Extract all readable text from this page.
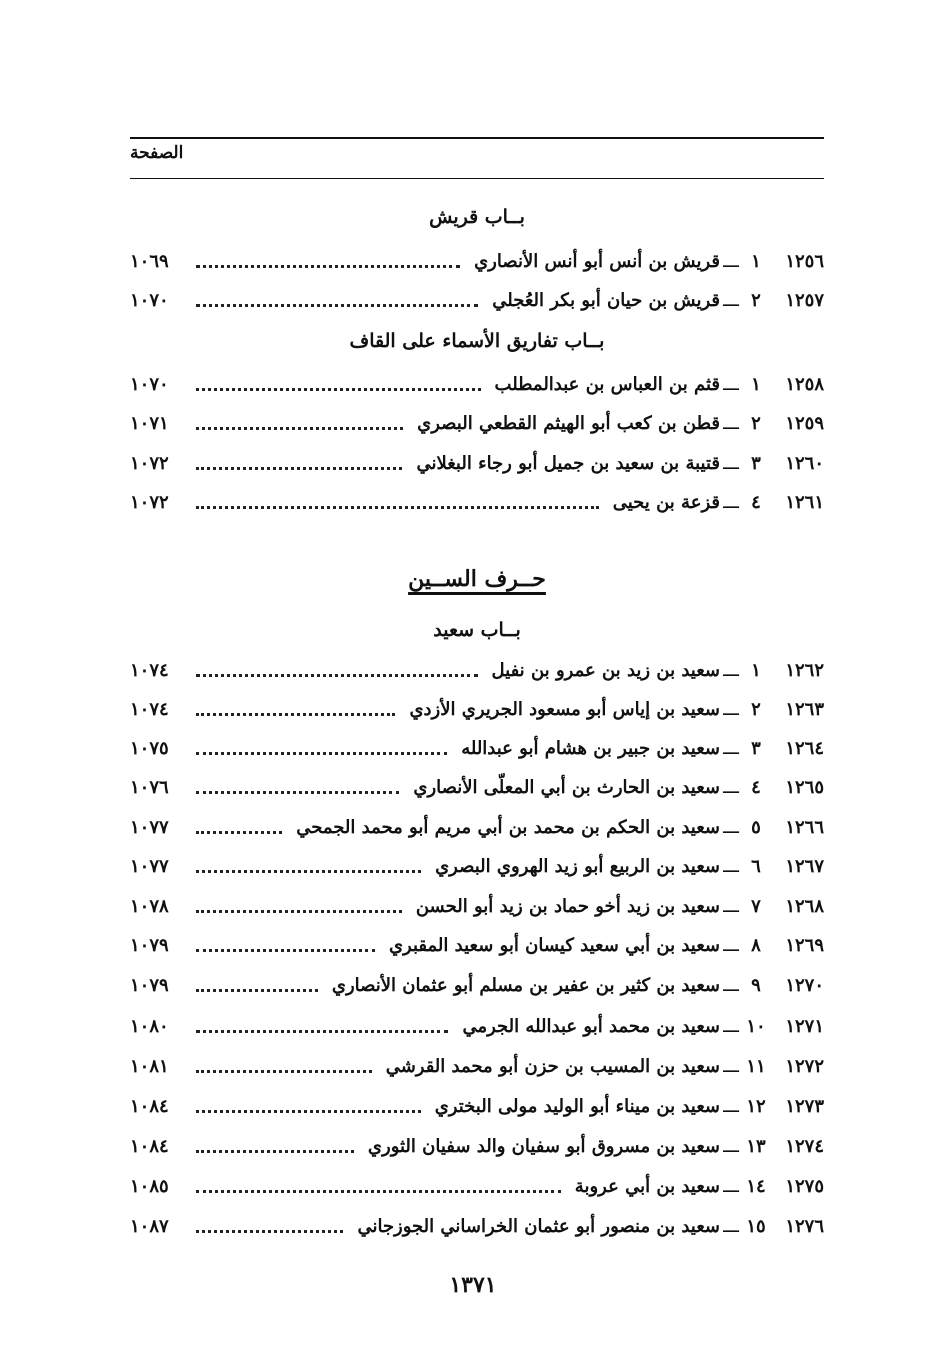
الصفحة
بــاب قريش
١٢٥٦
١
ـــ
قريش بن أنس أبو أنس الأنصاري
١٠٦٩
١٢٥٧
٢
ـــ
قريش بن حيان أبو بكر العُجلي
١٠٧٠
بــاب تفاريق الأسماء على القاف
١٢٥٨
١
ـــ
قثم بن العباس بن عبدالمطلب
١٠٧٠
١٢٥٩
٢
ـــ
قطن بن كعب أبو الهيثم القطعي البصري
١٠٧١
١٢٦٠
٣
ـــ
قتيبة بن سعيد بن جميل أبو رجاء البغلاني
١٠٧٢
١٢٦١
٤
ـــ
قزعة بن يحيى
١٠٧٢
حــرف الســين
بــاب سعيد
١٢٦٢
١
ـــ
سعيد بن زيد بن عمرو بن نفيل
١٠٧٤
١٢٦٣
٢
ـــ
سعيد بن إياس أبو مسعود الجريري الأزدي
١٠٧٤
١٢٦٤
٣
ـــ
سعيد بن جبير بن هشام أبو عبدالله
١٠٧٥
١٢٦٥
٤
ـــ
سعيد بن الحارث بن أبي المعلّى الأنصاري
١٠٧٦
١٢٦٦
٥
ـــ
سعيد بن الحكم بن محمد بن أبي مريم أبو محمد الجمحي
١٠٧٧
١٢٦٧
٦
ـــ
سعيد بن الربيع أبو زيد الهروي البصري
١٠٧٧
١٢٦٨
٧
ـــ
سعيد بن زيد أخو حماد بن زيد أبو الحسن
١٠٧٨
١٢٦٩
٨
ـــ
سعيد بن أبي سعيد كيسان أبو سعيد المقبري
١٠٧٩
١٢٧٠
٩
ـــ
سعيد بن كثير بن عفير بن مسلم أبو عثمان الأنصاري
١٠٧٩
١٢٧١
١٠
ـــ
سعيد بن محمد أبو عبدالله الجرمي
١٠٨٠
١٢٧٢
١١
ـــ
سعيد بن المسيب بن حزن أبو محمد القرشي
١٠٨١
١٢٧٣
١٢
ـــ
سعيد بن ميناء أبو الوليد مولى البختري
١٠٨٤
١٢٧٤
١٣
ـــ
سعيد بن مسروق أبو سفيان والد سفيان الثوري
١٠٨٤
١٢٧٥
١٤
ـــ
سعيد بن أبي عروبة
١٠٨٥
١٢٧٦
١٥
ـــ
سعيد بن منصور أبو عثمان الخراساني الجوزجاني
١٠٨٧
١٣٧١
